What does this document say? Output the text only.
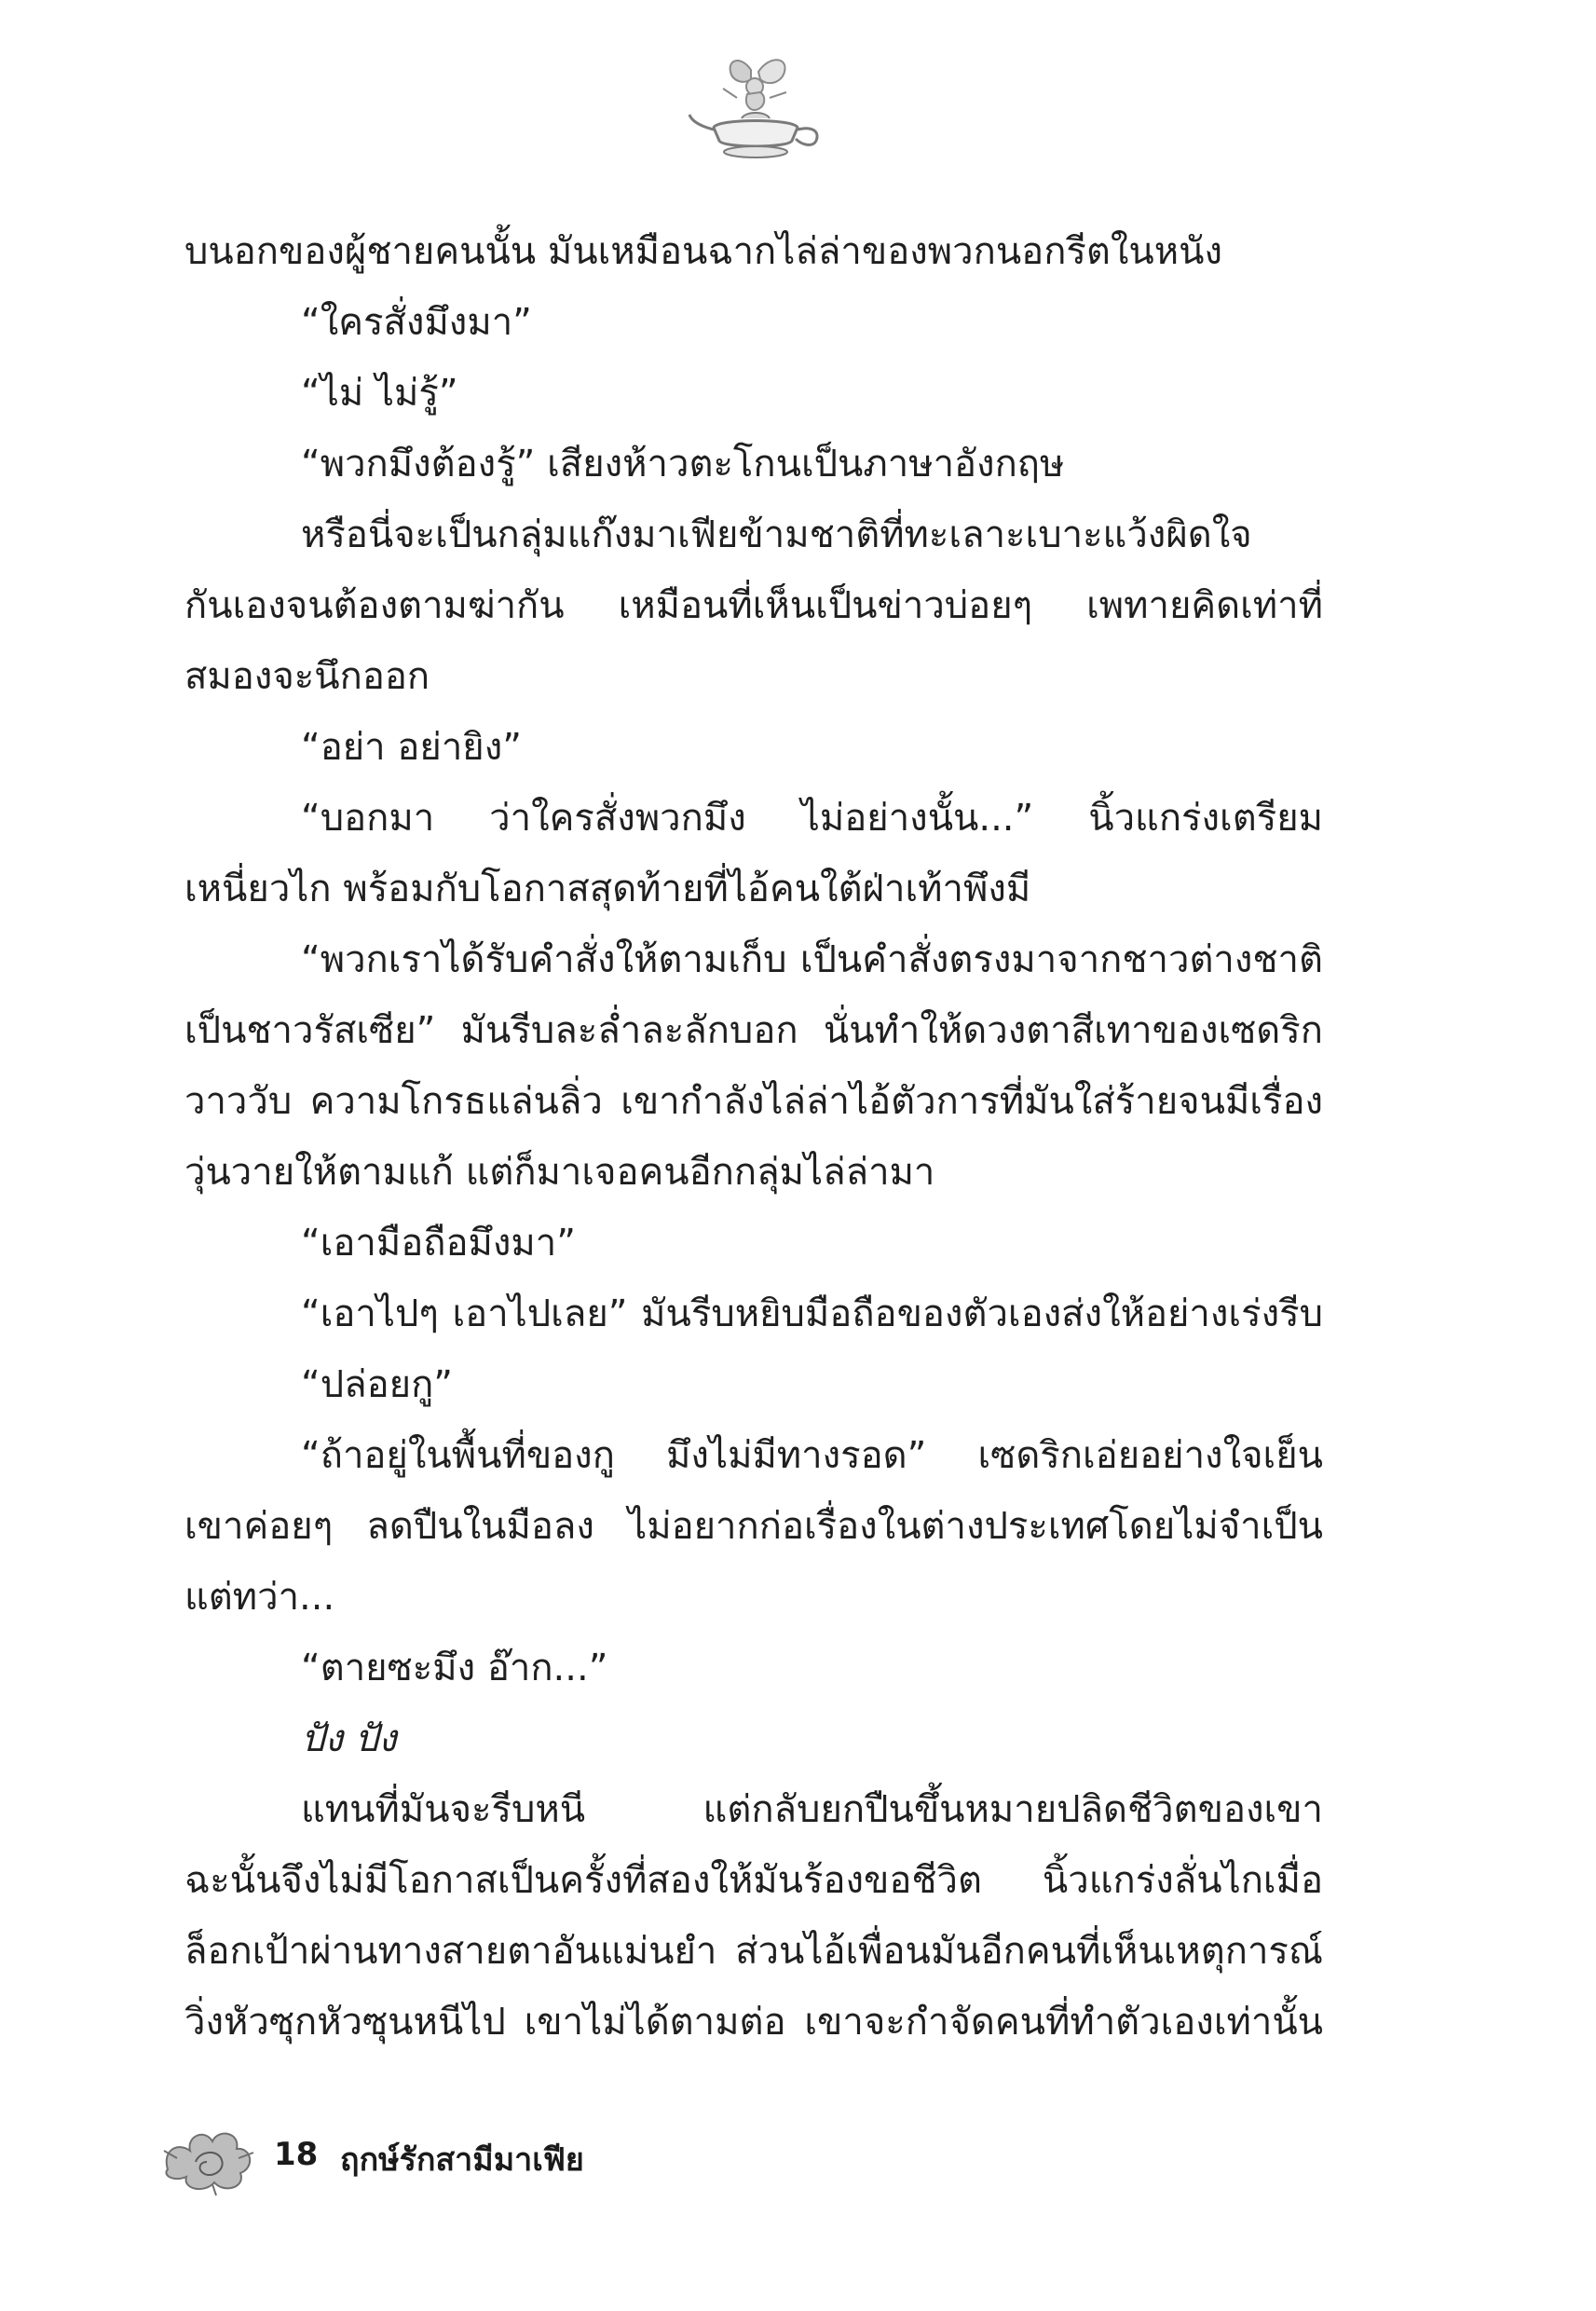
บนอกของผู้ชายคนนั้น มันเหมือนฉากไล่ล่าของพวกนอกรีตในหนัง

“ใครสั่งมึงมา”

“ไม่ ไม่รู้”

“พวกมึงต้องรู้” เสียงห้าวตะโกนเป็นภาษาอังกฤษ

หรือนี่จะเป็นกลุ่มแก๊งมาเฟียข้ามชาติที่ทะเลาะเบาะแว้งผิดใจ

กันเองจนต้องตามฆ่ากัน เหมือนที่เห็นเป็นข่าวบ่อยๆ เพทายคิดเท่าที่

สมองจะนึกออก

“อย่า อย่ายิง”

“บอกมา ว่าใครสั่งพวกมึง ไม่อย่างนั้น...” นิ้วแกร่งเตรียม

เหนี่ยวไก พร้อมกับโอกาสสุดท้ายที่ไอ้คนใต้ฝ่าเท้าพึงมี

“พวกเราได้รับคำสั่งให้ตามเก็บ เป็นคำสั่งตรงมาจากชาวต่างชาติ

เป็นชาวรัสเซีย” มันรีบละล่ำละลักบอก นั่นทำให้ดวงตาสีเทาของเซดริก

วาววับ ความโกรธแล่นลิ่ว เขากำลังไล่ล่าไอ้ตัวการที่มันใส่ร้ายจนมีเรื่อง

วุ่นวายให้ตามแก้ แต่ก็มาเจอคนอีกกลุ่มไล่ล่ามา

“เอามือถือมึงมา”

“เอาไปๆ เอาไปเลย” มันรีบหยิบมือถือของตัวเองส่งให้อย่างเร่งรีบ

“ปล่อยกู”

“ถ้าอยู่ในพื้นที่ของกู มึงไม่มีทางรอด” เซดริกเอ่ยอย่างใจเย็น

เขาค่อยๆ ลดปืนในมือลง ไม่อยากก่อเรื่องในต่างประเทศโดยไม่จำเป็น

แต่ทว่า...

“ตายซะมึง อ๊าก...”

ปัง ปัง

แทนที่มันจะรีบหนี แต่กลับยกปืนขึ้นหมายปลิดชีวิตของเขา

ฉะนั้นจึงไม่มีโอกาสเป็นครั้งที่สองให้มันร้องขอชีวิต นิ้วแกร่งลั่นไกเมื่อ

ล็อกเป้าผ่านทางสายตาอันแม่นยำ ส่วนไอ้เพื่อนมันอีกคนที่เห็นเหตุการณ์

วิ่งหัวซุกหัวซุนหนีไป เขาไม่ได้ตามต่อ เขาจะกำจัดคนที่ทำตัวเองเท่านั้น

18 ฤกษ์รักสามีมาเฟีย
